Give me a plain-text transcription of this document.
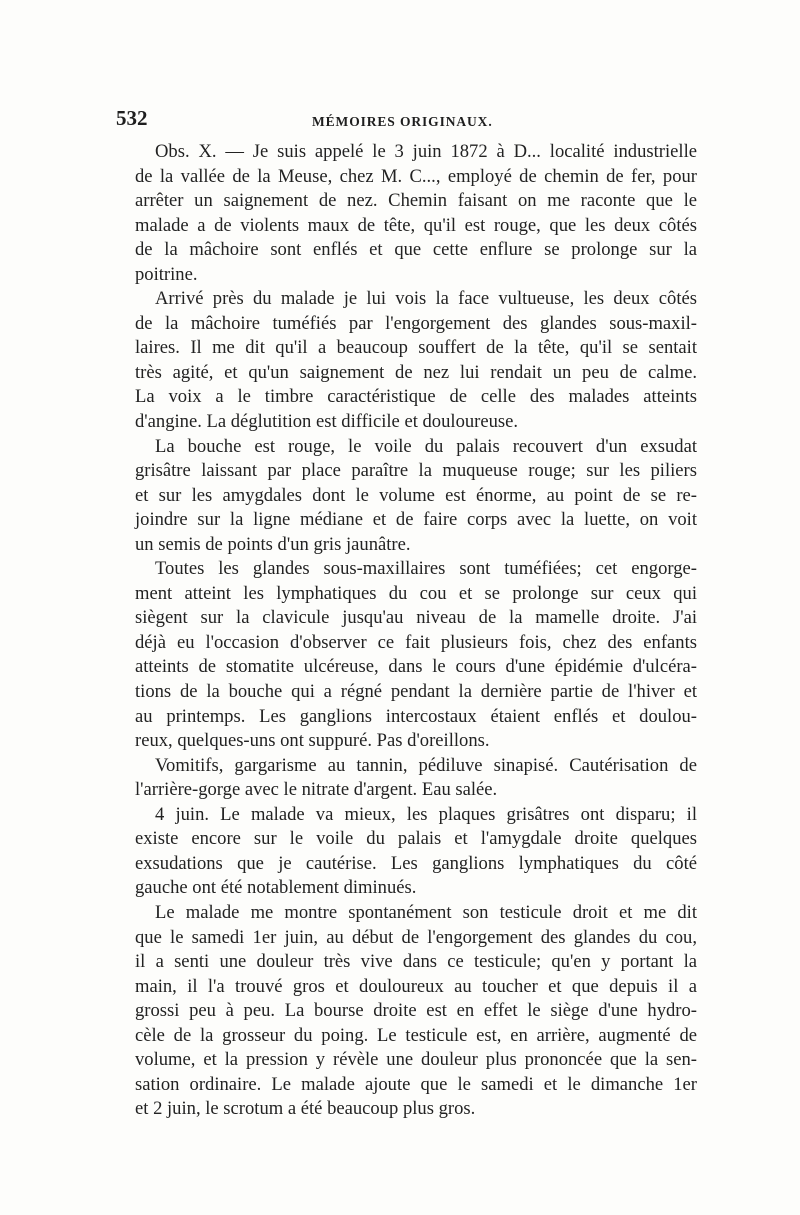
532	MÉMOIRES ORIGINAUX.
Obs. X. — Je suis appelé le 3 juin 1872 à D... localité industrielle
de la vallée de la Meuse, chez M. C..., employé de chemin de fer, pour
arrêter un saignement de nez. Chemin faisant on me raconte que le
malade a de violents maux de tête, qu'il est rouge, que les deux côtés
de la mâchoire sont enflés et que cette enflure se prolonge sur la
poitrine.
Arrivé près du malade je lui vois la face vultueuse, les deux côtés
de la mâchoire tuméfiés par l'engorgement des glandes sous-maxil-
laires. Il me dit qu'il a beaucoup souffert de la tête, qu'il se sentait
très agité, et qu'un saignement de nez lui rendait un peu de calme.
La voix a le timbre caractéristique de celle des malades atteints
d'angine. La déglutition est difficile et douloureuse.
La bouche est rouge, le voile du palais recouvert d'un exsudat
grisâtre laissant par place paraître la muqueuse rouge; sur les piliers
et sur les amygdales dont le volume est énorme, au point de se re-
joindre sur la ligne médiane et de faire corps avec la luette, on voit
un semis de points d'un gris jaunâtre.
Toutes les glandes sous-maxillaires sont tuméfiées; cet engorge-
ment atteint les lymphatiques du cou et se prolonge sur ceux qui
siègent sur la clavicule jusqu'au niveau de la mamelle droite. J'ai
déjà eu l'occasion d'observer ce fait plusieurs fois, chez des enfants
atteints de stomatite ulcéreuse, dans le cours d'une épidémie d'ulcéra-
tions de la bouche qui a régné pendant la dernière partie de l'hiver et
au printemps. Les ganglions intercostaux étaient enflés et doulou-
reux, quelques-uns ont suppuré. Pas d'oreillons.
Vomitifs, gargarisme au tannin, pédiluve sinapisé. Cautérisation de
l'arrière-gorge avec le nitrate d'argent. Eau salée.
4 juin. Le malade va mieux, les plaques grisâtres ont disparu; il
existe encore sur le voile du palais et l'amygdale droite quelques
exsudations que je cautérise. Les ganglions lymphatiques du côté
gauche ont été notablement diminués.
Le malade me montre spontanément son testicule droit et me dit
que le samedi 1er juin, au début de l'engorgement des glandes du cou,
il a senti une douleur très vive dans ce testicule; qu'en y portant la
main, il l'a trouvé gros et douloureux au toucher et que depuis il a
grossi peu à peu. La bourse droite est en effet le siège d'une hydro-
cèle de la grosseur du poing. Le testicule est, en arrière, augmenté de
volume, et la pression y révèle une douleur plus prononcée que la sen-
sation ordinaire. Le malade ajoute que le samedi et le dimanche 1er
et 2 juin, le scrotum a été beaucoup plus gros.
